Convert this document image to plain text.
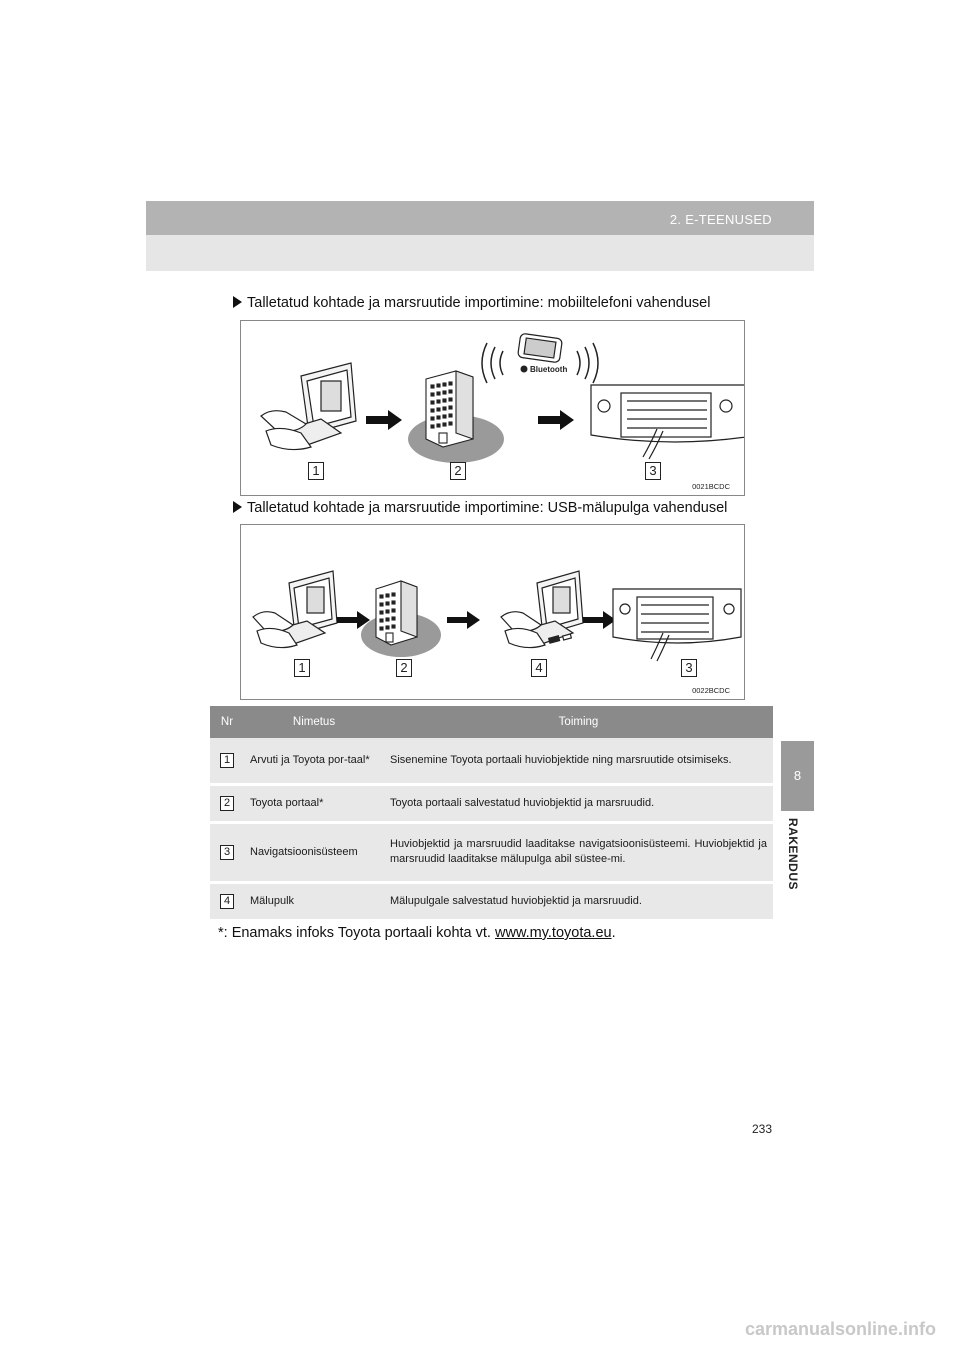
2. E-TEENUSED
8
RAKENDUS
Talletatud kohtade ja marsruutide importimine: mobiiltelefoni vahendusel
Bluetooth
1	2	3
0021BCDC
Talletatud kohtade ja marsruutide importimine: USB-mälupulga vahendusel
1	2	4	3
0022BCDC
Nr	Nimetus	Toiming
1	Arvuti ja Toyota por-taal*	Sisenemine Toyota portaali huviobjektide ning marsruutide otsimiseks.
2	Toyota portaal*	Toyota portaali salvestatud huviobjektid ja marsruudid.
3	Navigatsioonisüsteem	Huviobjektid ja marsruudid laaditakse navigatsioonisüsteemi. Huviobjektid ja marsruudid laaditakse mälupulga abil süstee-mi.
4	Mälupulk	Mälupulgale salvestatud huviobjektid ja marsruudid.
*: Enamaks infoks Toyota portaali kohta vt. www.my.toyota.eu.
233
carmanualsonline.info
